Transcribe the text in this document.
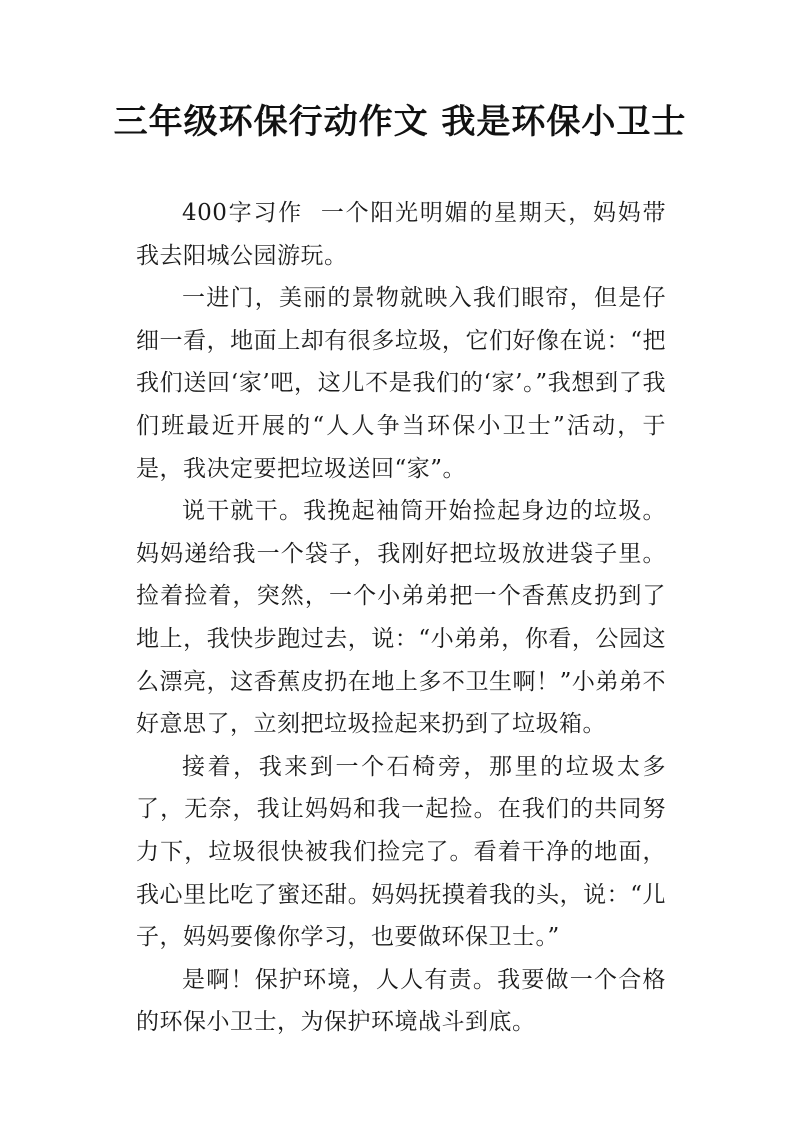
三年级环保行动作文 我是环保小卫士

400字习作 一个阳光明媚的星期天，妈妈带我去阳城公园游玩。

一进门，美丽的景物就映入我们眼帘，但是仔细一看，地面上却有很多垃圾，它们好像在说：“把我们送回‘家’吧，这儿不是我们的‘家’。”我想到了我们班最近开展的“人人争当环保小卫士”活动，于是，我决定要把垃圾送回“家”。

说干就干。我挽起袖筒开始捡起身边的垃圾。妈妈递给我一个袋子，我刚好把垃圾放进袋子里。捡着捡着，突然，一个小弟弟把一个香蕉皮扔到了地上，我快步跑过去，说：“小弟弟，你看，公园这么漂亮，这香蕉皮扔在地上多不卫生啊！”小弟弟不好意思了，立刻把垃圾捡起来扔到了垃圾箱。

接着，我来到一个石椅旁，那里的垃圾太多了，无奈，我让妈妈和我一起捡。在我们的共同努力下，垃圾很快被我们捡完了。看着干净的地面，我心里比吃了蜜还甜。妈妈抚摸着我的头，说：“儿子，妈妈要像你学习，也要做环保卫士。”

是啊！保护环境，人人有责。我要做一个合格的环保小卫士，为保护环境战斗到底。
